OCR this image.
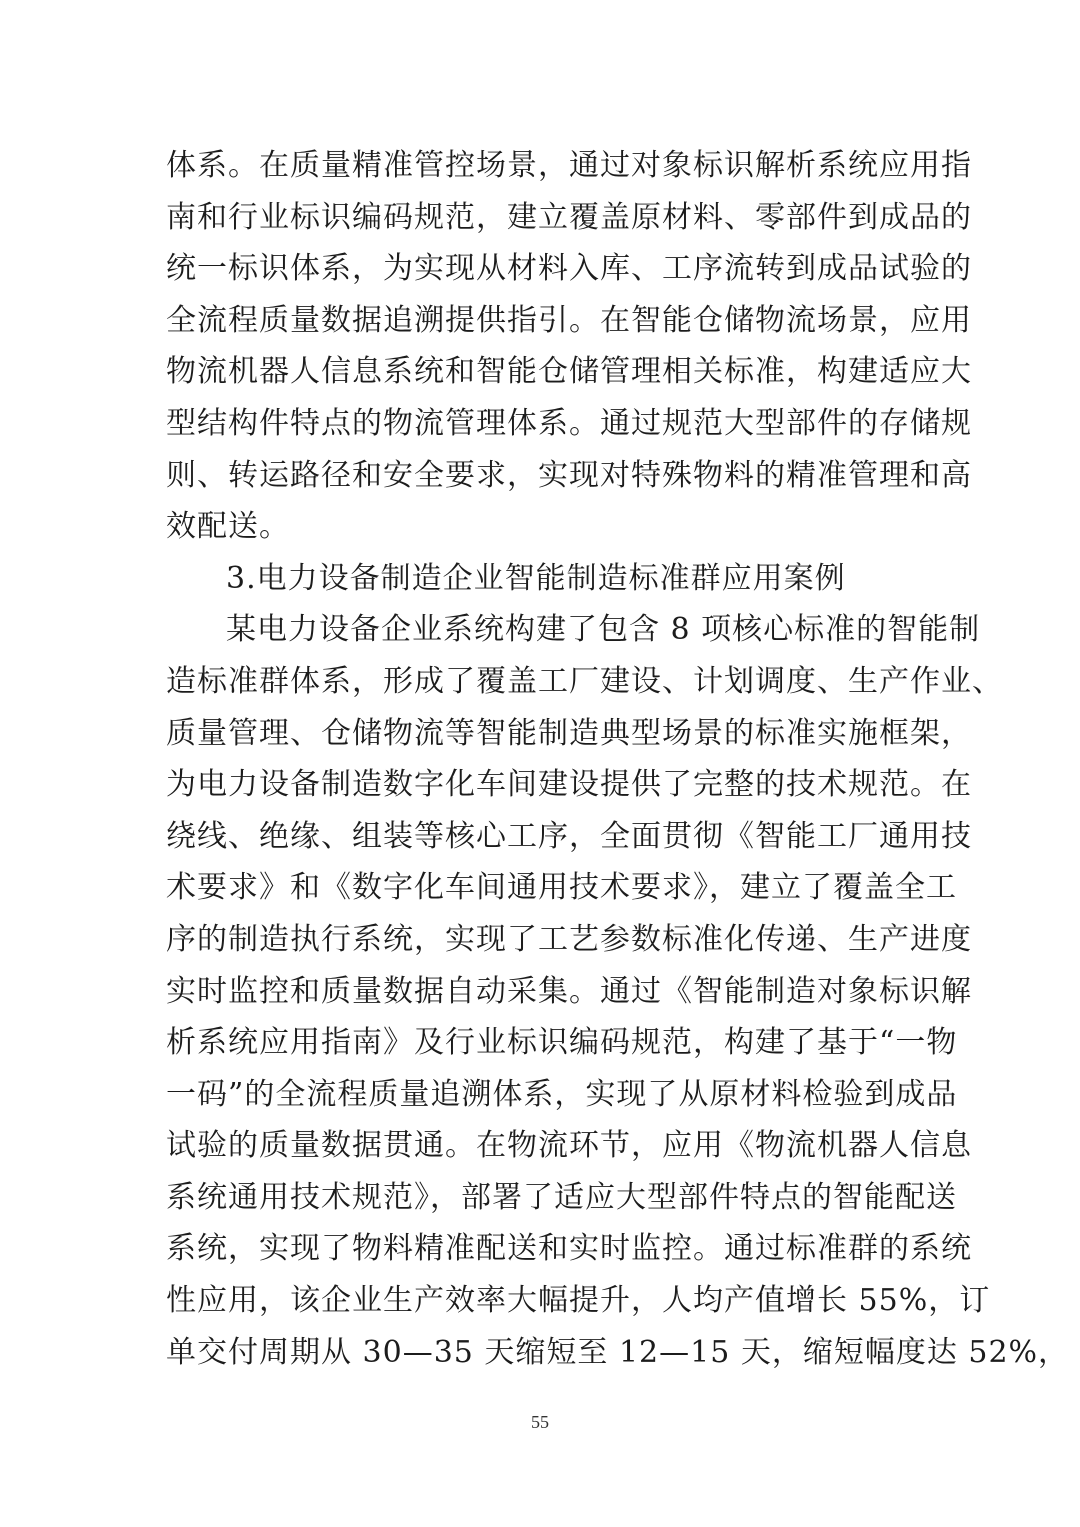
体系。在质量精准管控场景，通过对象标识解析系统应用指
南和行业标识编码规范，建立覆盖原材料、零部件到成品的
统一标识体系，为实现从材料入库、工序流转到成品试验的
全流程质量数据追溯提供指引。在智能仓储物流场景，应用
物流机器人信息系统和智能仓储管理相关标准，构建适应大
型结构件特点的物流管理体系。通过规范大型部件的存储规
则、转运路径和安全要求，实现对特殊物料的精准管理和高
效配送。
3.电力设备制造企业智能制造标准群应用案例
某电力设备企业系统构建了包含 8 项核心标准的智能制
造标准群体系，形成了覆盖工厂建设、计划调度、生产作业、
质量管理、仓储物流等智能制造典型场景的标准实施框架，
为电力设备制造数字化车间建设提供了完整的技术规范。在
绕线、绝缘、组装等核心工序，全面贯彻《智能工厂通用技
术要求》和《数字化车间通用技术要求》，建立了覆盖全工
序的制造执行系统，实现了工艺参数标准化传递、生产进度
实时监控和质量数据自动采集。通过《智能制造对象标识解
析系统应用指南》及行业标识编码规范，构建了基于“一物
一码”的全流程质量追溯体系，实现了从原材料检验到成品
试验的质量数据贯通。在物流环节，应用《物流机器人信息
系统通用技术规范》，部署了适应大型部件特点的智能配送
系统，实现了物料精准配送和实时监控。通过标准群的系统
性应用，该企业生产效率大幅提升，人均产值增长 55%，订
单交付周期从 30—35 天缩短至 12—15 天，缩短幅度达 52%，
55
